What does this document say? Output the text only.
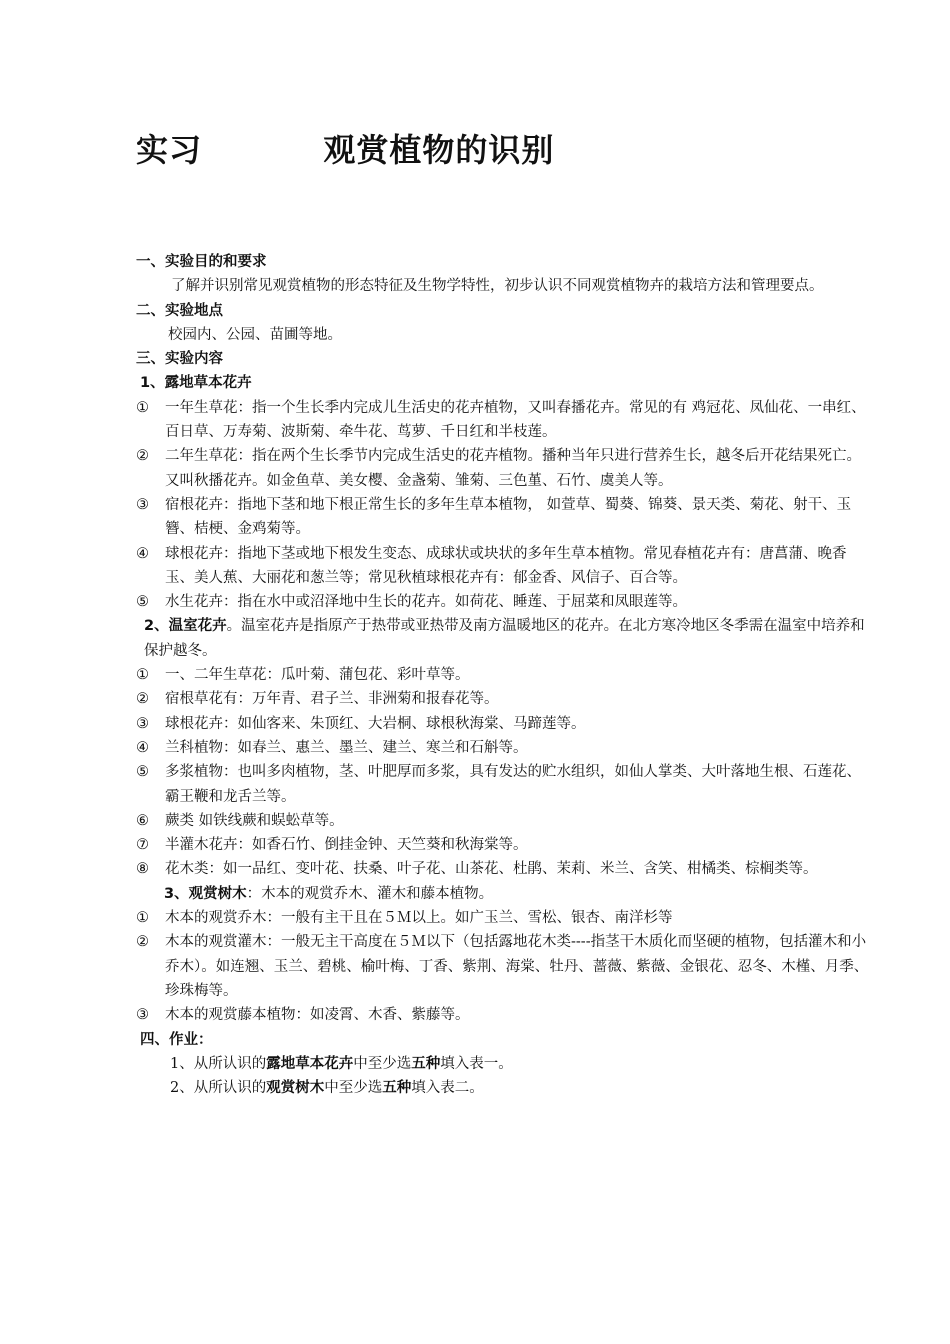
实习          观赏植物的识别

一、实验目的和要求

了解并识别常见观赏植物的形态特征及生物学特性，初步认识不同观赏植物卉的栽培方法和管理要点。

二、实验地点

校园内、公园、苗圃等地。

三、实验内容

1、露地草本花卉

① 一年生草花：指一个生长季内完成儿生活史的花卉植物，又叫春播花卉。常见的有 鸡冠花、凤仙花、一串红、百日草、万寿菊、波斯菊、牵牛花、茑萝、千日红和半枝莲。
② 二年生草花：指在两个生长季节内完成生活史的花卉植物。播种当年只进行营养生长，越冬后开花结果死亡。又叫秋播花卉。如金鱼草、美女樱、金盏菊、雏菊、三色堇、石竹、虞美人等。
③ 宿根花卉：指地下茎和地下根正常生长的多年生草本植物， 如萱草、蜀葵、锦葵、景天类、菊花、射干、玉簪、桔梗、金鸡菊等。
④ 球根花卉：指地下茎或地下根发生变态、成球状或块状的多年生草本植物。常见春植花卉有：唐菖蒲、晚香玉、美人蕉、大丽花和葱兰等；常见秋植球根花卉有：郁金香、风信子、百合等。
⑤ 水生花卉：指在水中或沼泽地中生长的花卉。如荷花、睡莲、于屈菜和凤眼莲等。

2、温室花卉。温室花卉是指原产于热带或亚热带及南方温暖地区的花卉。在北方寒冷地区冬季需在温室中培养和保护越冬。

① 一、二年生草花：瓜叶菊、蒲包花、彩叶草等。
② 宿根草花有：万年青、君子兰、非洲菊和报春花等。
③ 球根花卉：如仙客来、朱顶红、大岩桐、球根秋海棠、马蹄莲等。
④ 兰科植物：如春兰、惠兰、墨兰、建兰、寒兰和石斛等。
⑤ 多浆植物：也叫多肉植物，茎、叶肥厚而多浆，具有发达的贮水组织，如仙人掌类、大叶落地生根、石莲花、霸王鞭和龙舌兰等。
⑥ 蕨类 如铁线蕨和蜈蚣草等。
⑦ 半灌木花卉：如香石竹、倒挂金钟、天竺葵和秋海棠等。
⑧ 花木类：如一品红、变叶花、扶桑、叶子花、山茶花、杜鹃、茉莉、米兰、含笑、柑橘类、棕榈类等。

3、观赏树木：木本的观赏乔木、灌木和藤本植物。

① 木本的观赏乔木：一般有主干且在５Ｍ以上。如广玉兰、雪松、银杏、南洋杉等
② 木本的观赏灌木：一般无主干高度在５Ｍ以下（包括露地花木类----指茎干木质化而坚硬的植物，包括灌木和小乔木）。如连翘、玉兰、碧桃、榆叶梅、丁香、紫荆、海棠、牡丹、蔷薇、紫薇、金银花、忍冬、木槿、月季、珍珠梅等。
③ 木本的观赏藤本植物：如凌霄、木香、紫藤等。

四、作业：

1、从所认识的露地草本花卉中至少选五种填入表一。

2、从所认识的观赏树木中至少选五种填入表二。
